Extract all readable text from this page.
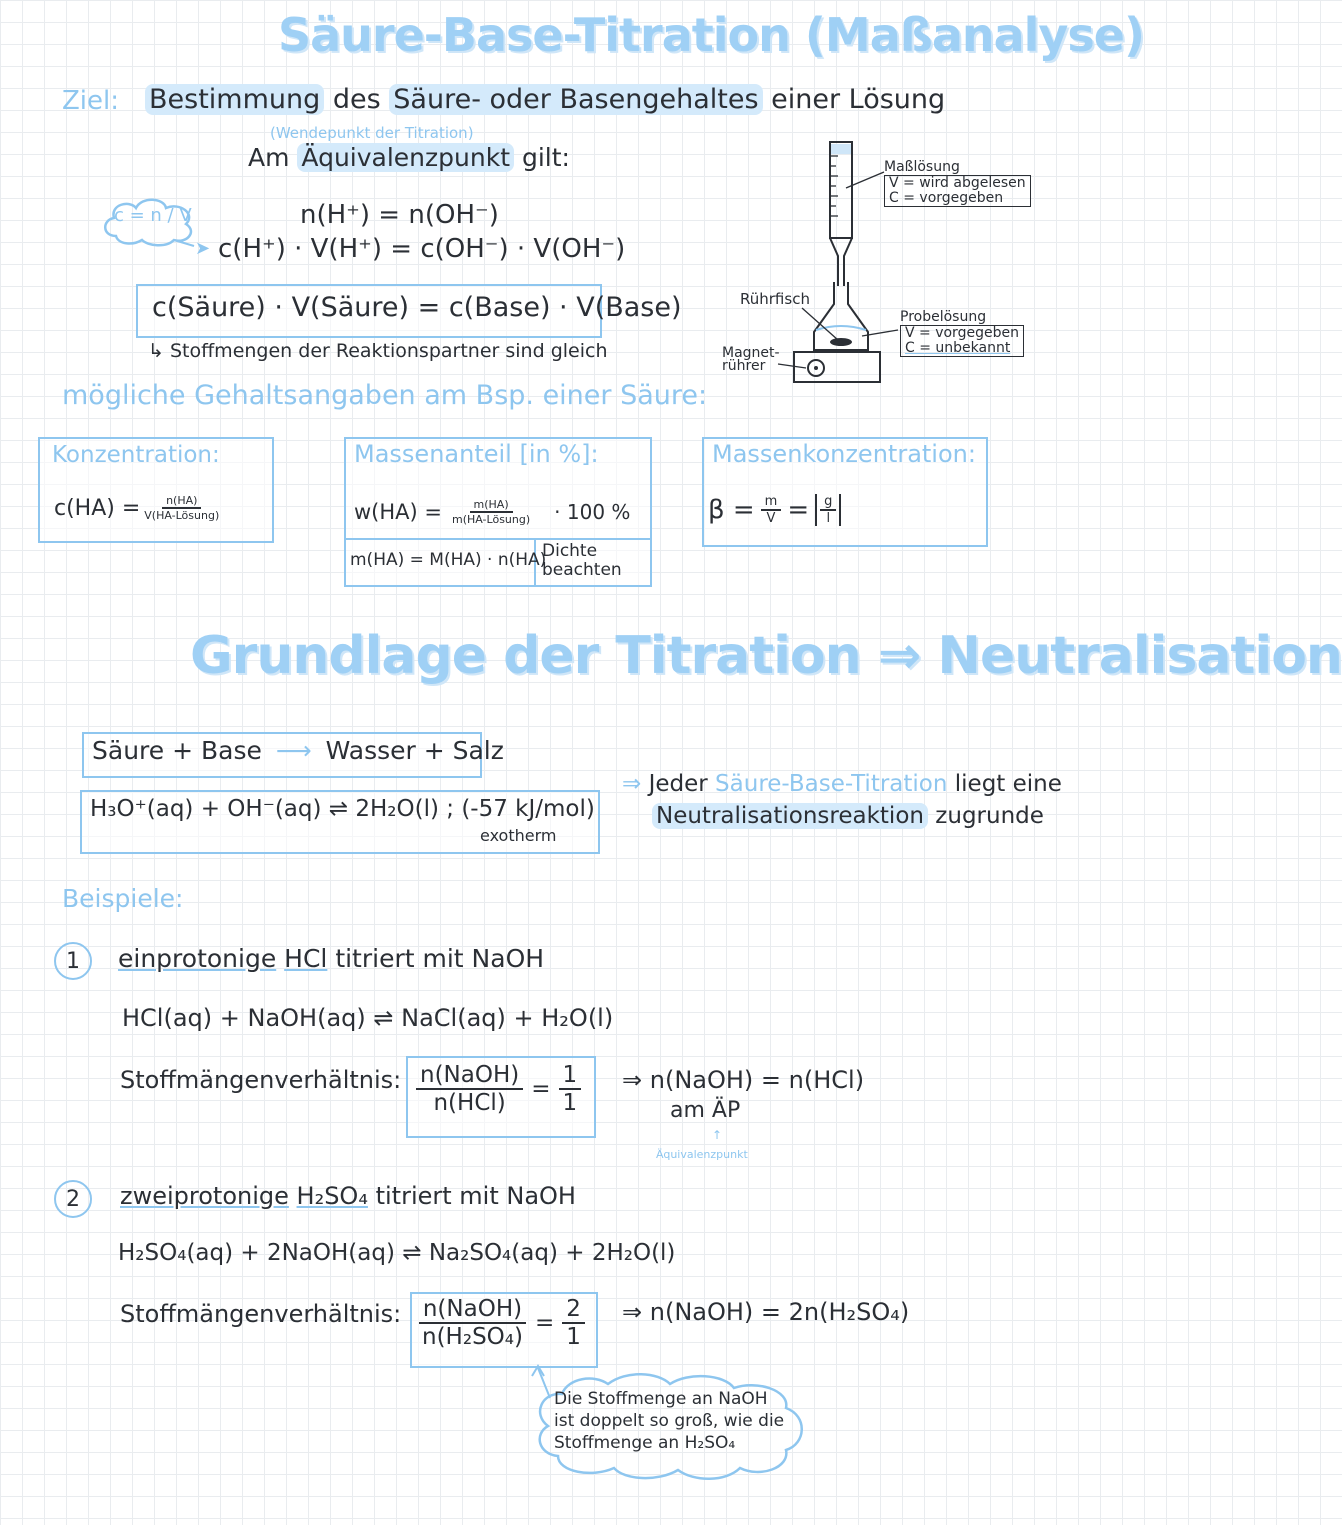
Säure-Base-Titration (Maßanalyse)
Ziel: Bestimmung des Säure- oder Basengehaltes einer Lösung
(Wendepunkt der Titration)
Am Äquivalenzpunkt gilt:
c = n / V
➤
n(H⁺) = n(OH⁻)
c(H⁺) · V(H⁺) = c(OH⁻) · V(OH⁻)
c(Säure) · V(Säure) = c(Base) · V(Base)
↳ Stoffmengen der Reaktionspartner sind gleich
Maßlösung
V = wird abgelesen
C = vorgegeben
Rührfisch
Magnet-
rührer
Probelösung
V = vorgegeben
C = unbekannt
mögliche Gehaltsangaben am Bsp. einer Säure:
Konzentration:
$c(HA) = \frac{n(HA)}{\text{V(HA-Lösung)}}$
Massenanteil [in %]:
$w(HA) = \frac{m(HA)}{\text{m(HA-Lösung)}} \cdot 100$ %
m(HA) = M(HA) · n(HA)
Dichte
beachten
Massenkonzentration:
$\beta = \frac{m}{V} = \frac{g}{l}$
Grundlage der Titration ⇒ Neutralisation
Säure + Base ⟶ Wasser + Salz
H₃O⁺(aq) + OH⁻(aq) ⇌ 2H₂O(l) ; (-57 kJ/mol)
exotherm
⇒ Jeder Säure-Base-Titration liegt eine
Neutralisationsreaktion zugrunde
Beispiele:
1	einprotonige HCl titriert mit NaOH
HCl(aq) + NaOH(aq) ⇌ NaCl(aq) + H₂O(l)
Stoffmängenverhältnis: $\frac{\text{n(NaOH)}}{\text{n(HCl)}} = \frac{1}{1}$ ⇒ n(NaOH) = n(HCl)
am ÄP
↑
Äquivalenzpunkt
2	zweiprotonige H₂SO₄ titriert mit NaOH
H₂SO₄(aq) + 2NaOH(aq) ⇌ Na₂SO₄(aq) + 2H₂O(l)
Stoffmängenverhältnis: $\frac{\text{n(NaOH)}}{\text{n(H₂SO₄)}} = \frac{2}{1}$ ⇒ n(NaOH) = 2n(H₂SO₄)
Die Stoffmenge an NaOH
ist doppelt so groß, wie die
Stoffmenge an H₂SO₄
